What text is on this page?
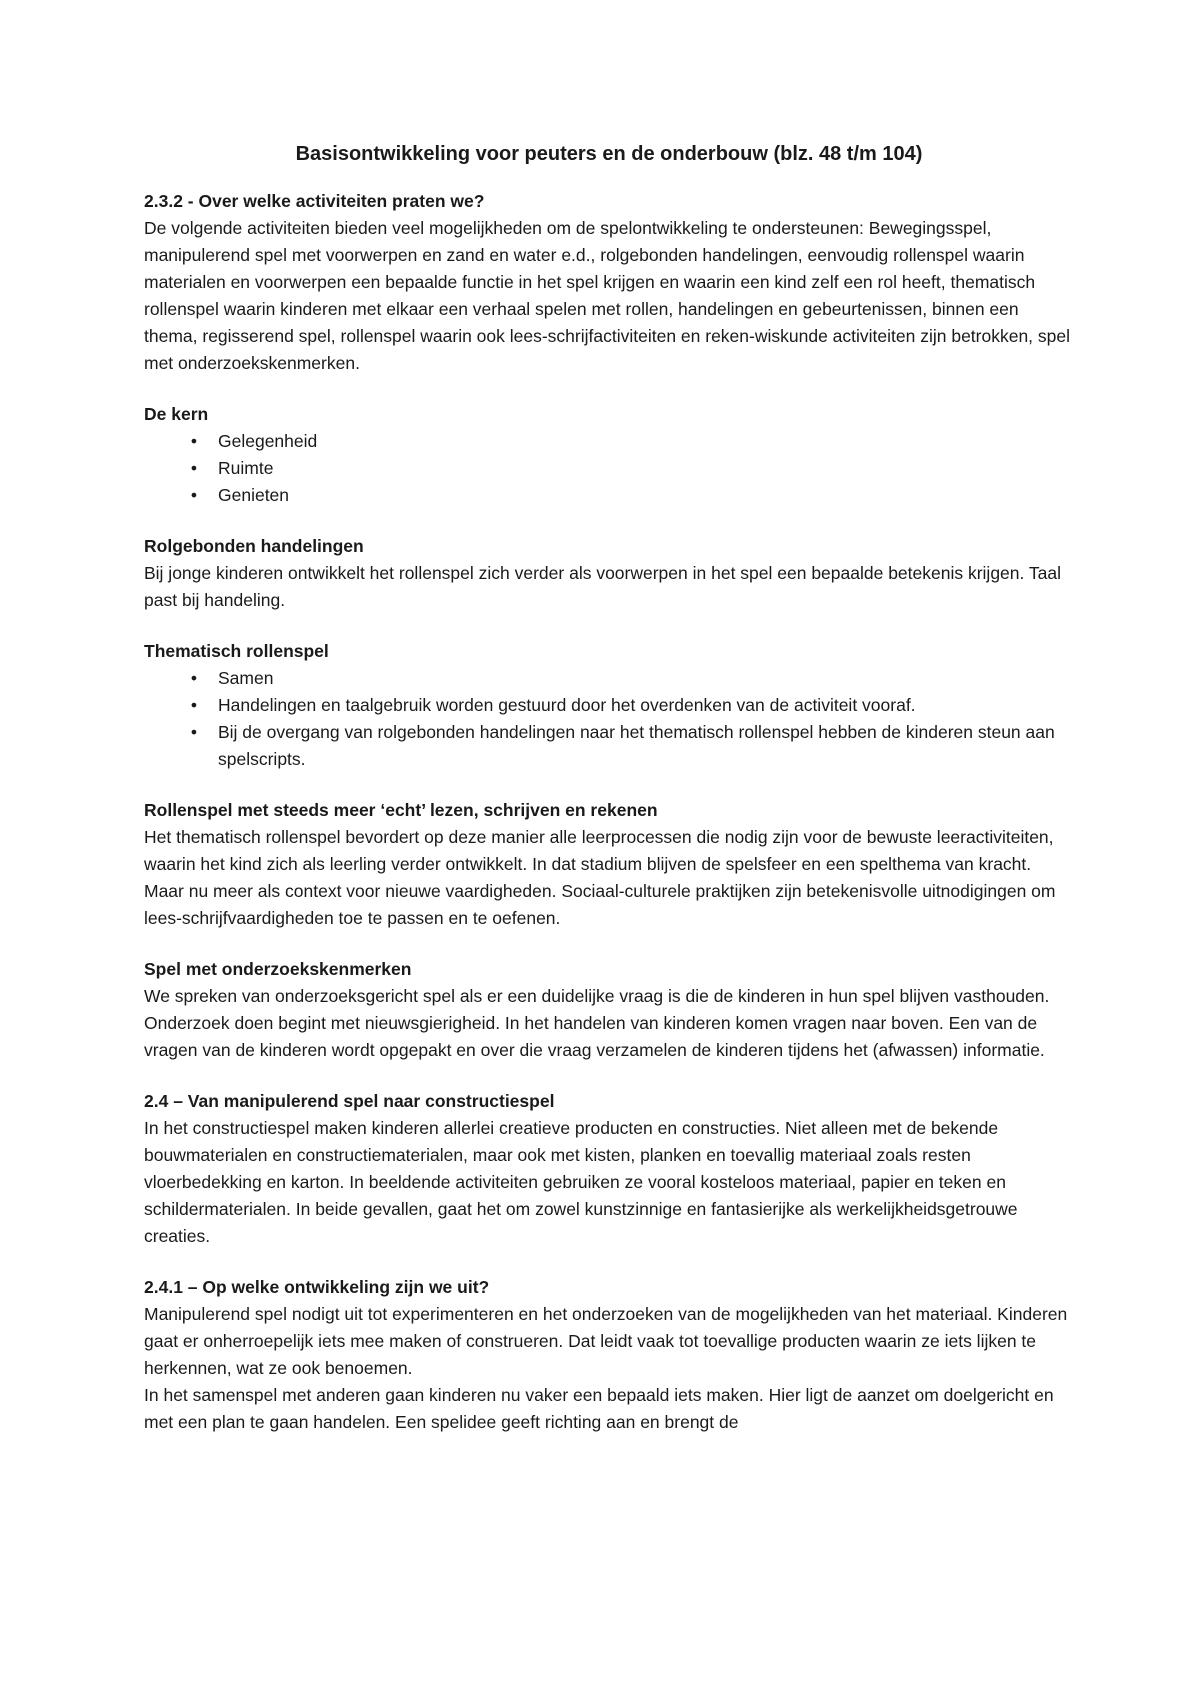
Basisontwikkeling voor peuters en de onderbouw (blz. 48 t/m 104)

2.3.2 - Over welke activiteiten praten we?

De volgende activiteiten bieden veel mogelijkheden om de spelontwikkeling te ondersteunen: Bewegingsspel, manipulerend spel met voorwerpen en zand en water e.d., rolgebonden handelingen, eenvoudig rollenspel waarin materialen en voorwerpen een bepaalde functie in het spel krijgen en waarin een kind zelf een rol heeft, thematisch rollenspel waarin kinderen met elkaar een verhaal spelen met rollen, handelingen en gebeurtenissen, binnen een thema, regisserend spel, rollenspel waarin ook lees-schrijfactiviteiten en reken-wiskunde activiteiten zijn betrokken, spel met onderzoekskenmerken.

De kern

•	Gelegenheid
•	Ruimte
•	Genieten

Rolgebonden handelingen

Bij jonge kinderen ontwikkelt het rollenspel zich verder als voorwerpen in het spel een bepaalde betekenis krijgen. Taal past bij handeling.

Thematisch rollenspel

•	Samen
•	Handelingen en taalgebruik worden gestuurd door het overdenken van de activiteit vooraf.
•	Bij de overgang van rolgebonden handelingen naar het thematisch rollenspel hebben de kinderen steun aan spelscripts.

Rollenspel met steeds meer ‘echt’ lezen, schrijven en rekenen

Het thematisch rollenspel bevordert op deze manier alle leerprocessen die nodig zijn voor de bewuste leeractiviteiten, waarin het kind zich als leerling verder ontwikkelt. In dat stadium blijven de spelsfeer en een spelthema van kracht. Maar nu meer als context voor nieuwe vaardigheden. Sociaal-culturele praktijken zijn betekenisvolle uitnodigingen om lees-schrijfvaardigheden toe te passen en te oefenen.

Spel met onderzoekskenmerken

We spreken van onderzoeksgericht spel als er een duidelijke vraag is die de kinderen in hun spel blijven vasthouden. Onderzoek doen begint met nieuwsgierigheid. In het handelen van kinderen komen vragen naar boven. Een van de vragen van de kinderen wordt opgepakt en over die vraag verzamelen de kinderen tijdens het (afwassen) informatie.

2.4 – Van manipulerend spel naar constructiespel

In het constructiespel maken kinderen allerlei creatieve producten en constructies. Niet alleen met de bekende bouwmaterialen en constructiematerialen, maar ook met kisten, planken en toevallig materiaal zoals resten vloerbedekking en karton. In beeldende activiteiten gebruiken ze vooral kosteloos materiaal, papier en teken en schildermaterialen. In beide gevallen, gaat het om zowel kunstzinnige en fantasierijke als werkelijkheidsgetrouwe creaties.

2.4.1 – Op welke ontwikkeling zijn we uit?

Manipulerend spel nodigt uit tot experimenteren en het onderzoeken van de mogelijkheden van het materiaal. Kinderen gaat er onherroepelijk iets mee maken of construeren. Dat leidt vaak tot toevallige producten waarin ze iets lijken te herkennen, wat ze ook benoemen.

In het samenspel met anderen gaan kinderen nu vaker een bepaald iets maken. Hier ligt de aanzet om doelgericht en met een plan te gaan handelen. Een spelidee geeft richting aan en brengt de
